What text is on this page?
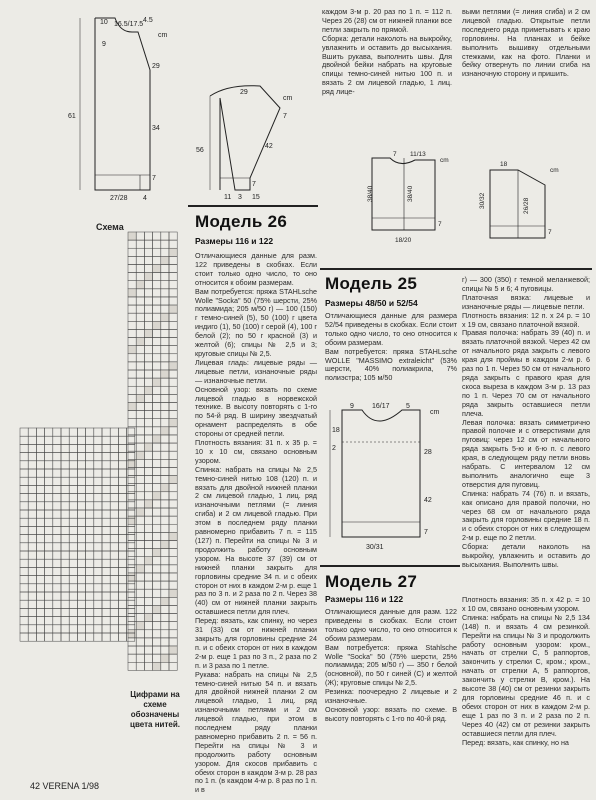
10 16.5/17.5
4.5
cm
9
29
61
34
7
27/28 4
29
cm
7
56
42
7
11 3 15
каждом 3-м р. 20 раз по 1 п. = 112 п. Через 26 (28) см от нижней планки все петли закрыть по прямой.
Сборка: детали наколоть на выкройку, увлажнить и оставить до высыхания. Вшить рукава, выполнить швы. Для двойной бейки набрать на круговые спицы темно-синей нитью 100 п. и вязать 2 см лицевой гладью, 1 лиц. ряд лице-
выми петлями (= линия сгиба) и 2 см лицевой гладью. Открытые петли последнего ряда приметывать к краю горловины. На планках и бейке выполнить вышивку отдельными стежками, как на фото. Планки и бейку отвернуть по линии сгиба на изнаночную сторону и пришить.
7 11/13
cm
38/40	38/40
7
18/20
18
cm
30/32	26/28
7
Схема
Цифрами на схеме обозначены цвета нитей.
Модель 26
Размеры 116 и 122
Отличающиеся данные для разм. 122 приведены в скобках. Если стоит только одно число, то оно относится к обоим размерам.
Вам потребуется: пряжа STAHLsche Wolle "Socka" 50 (75% шерсти, 25% полиамида; 205 м/50 г) — 100 (150) г темно-синей (5), 50 (100) г цвета индиго (1), 50 (100) г серой (4), 100 г белой (2); по 50 г красной (3) и желтой (6); спицы № 2,5 и 3; круговые спицы № 2,5.
Лицевая гладь: лицевые ряды — лицевые петли, изнаночные ряды — изнаночные петли.
Основной узор: вязать по схеме лицевой гладью в норвежской технике. В высоту повторять с 1-го по 54-й ряд. В ширину звездчатый орнамент распределять в обе стороны от средней петли.
Плотность вязания: 31 п. х 35 р. = 10 х 10 см, связано основным узором.
Спинка: набрать на спицы № 2,5 темно-синей нитью 108 (120) п. и вязать для двойной нижней планки 2 см лицевой гладью, 1 лиц. ряд изнаночными петлями (= линия сгиба) и 2 см лицевой гладью. При этом в последнем ряду планки равномерно прибавить 7 п. = 115 (127) п. Перейти на спицы № 3 и продолжить работу основным узором. На высоте 37 (39) см от нижней планки закрыть для горловины средние 34 п. и с обеих сторон от них в каждом 2-м р. еще 1 раз по 3 п. и 2 раза по 2 п. Через 38 (40) см от нижней планки закрыть оставшиеся петли для плеч.
Перед: вязать, как спинку, но через 31 (33) см от нижней планки закрыть для горловины средние 24 п. и с обеих сторон от них в каждом 2-м р. еще 1 раз по 3 п., 2 раза по 2 п. и 3 раза по 1 петле.
Рукава: набрать на спицы № 2,5 темно-синей нитью 54 п. и вязать для двойной нижней планки 2 см лицевой гладью, 1 лиц. ряд изнаночными петлями и 2 см лицевой гладью, при этом в последнем ряду планки равномерно прибавить 2 п. = 56 п. Перейти на спицы № 3 и продолжить работу основным узором. Для скосов прибавить с обеих сторон в каждом 3-м р. 28 раз по 1 п. (в каждом 4-м р. 8 раз по 1 п. и в
Модель 25
Размеры 48/50 и 52/54
Отличающиеся данные для размера 52/54 приведены в скобках. Если стоит только одно число, то оно относится к обоим размерам.
Вам потребуется: пряжа STAHLsche WOLLE "MASSIMO extraleicht" (53% шерсти, 40% полиакрила, 7% полиэстра; 105 м/50
г) — 300 (350) г темной меланжевой; спицы № 5 и 6; 4 пуговицы.
Платочная вязка: лицевые и изнаночные ряды — лицевые петли.
Плотность вязания: 12 п. х 24 р. = 10 х 19 см, связано платочной вязкой.
Правая полочка: набрать 39 (40) п. и вязать платочной вязкой. Через 42 см от начального ряда закрыть с левого края для проймы в каждом 2-м р. 6 раз по 1 п. Через 50 см от начального ряда закрыть с правого края для скоса выреза в каждом 3-м р. 13 раз по 1 п. Через 70 см от начального ряда закрыть оставшиеся петли плеча.
Левая полочка: вязать симметрично правой полочке и с отверстиями для пуговиц: через 12 см от начального ряда закрыть 5-ю и 6-ю п. с левого края, в следующем ряду петли вновь набрать. С интервалом 12 см выполнить аналогично еще 3 отверстия для пуговиц.
Спинка: набрать 74 (76) п. и вязать, как описано для правой полочки, но через 68 см от начального ряда закрыть для горловины средние 18 п. и с обеих сторон от них в следующем 2-м р. еще по 2 петли.
Сборка: детали наколоть на выкройку, увлажнить и оставить до высыхания. Выполнить швы.
9	16/17 5
cm
18
2
28
42
7
30/31
Модель 27
Размеры 116 и 122
Отличающиеся данные для разм. 122 приведены в скобках. Если стоит только одно число, то оно относится к обоим размерам.
Вам потребуется: пряжа Stahlsche Wolle "Socka" 50 (75% шерсти, 25% полиамида; 205 м/50 г) — 350 г белой (основной), по 50 г синей (С) и желтой (Ж); круговые спицы № 2,5.
Резинка: поочередно 2 лицевые и 2 изнаночные.
Основной узор: вязать по схеме. В высоту повторять с 1-го по 40-й ряд.
Плотность вязания: 35 п. х 42 р. = 10 х 10 см, связано основным узором.
Спинка: набрать на спицы № 2,5 134 (148) п. и вязать 4 см резинкой. Перейти на спицы № 3 и продолжить работу основным узором: кром., начать от стрелки С, 5 раппортов, закончить у стрелки С, кром.; кром., начать от стрелки А, 5 раппортов, закончить у стрелки В, кром.). На высоте 38 (40) см от резинки закрыть для горловины средние 46 п. и с обеих сторон от них в каждом 2-м р. еще 1 раз по 3 п. и 2 раза по 2 п. Через 40 (42) см от резинки закрыть оставшиеся петли для плеч.
Перед: вязать, как спинку, но на
42 VERENA 1/98
